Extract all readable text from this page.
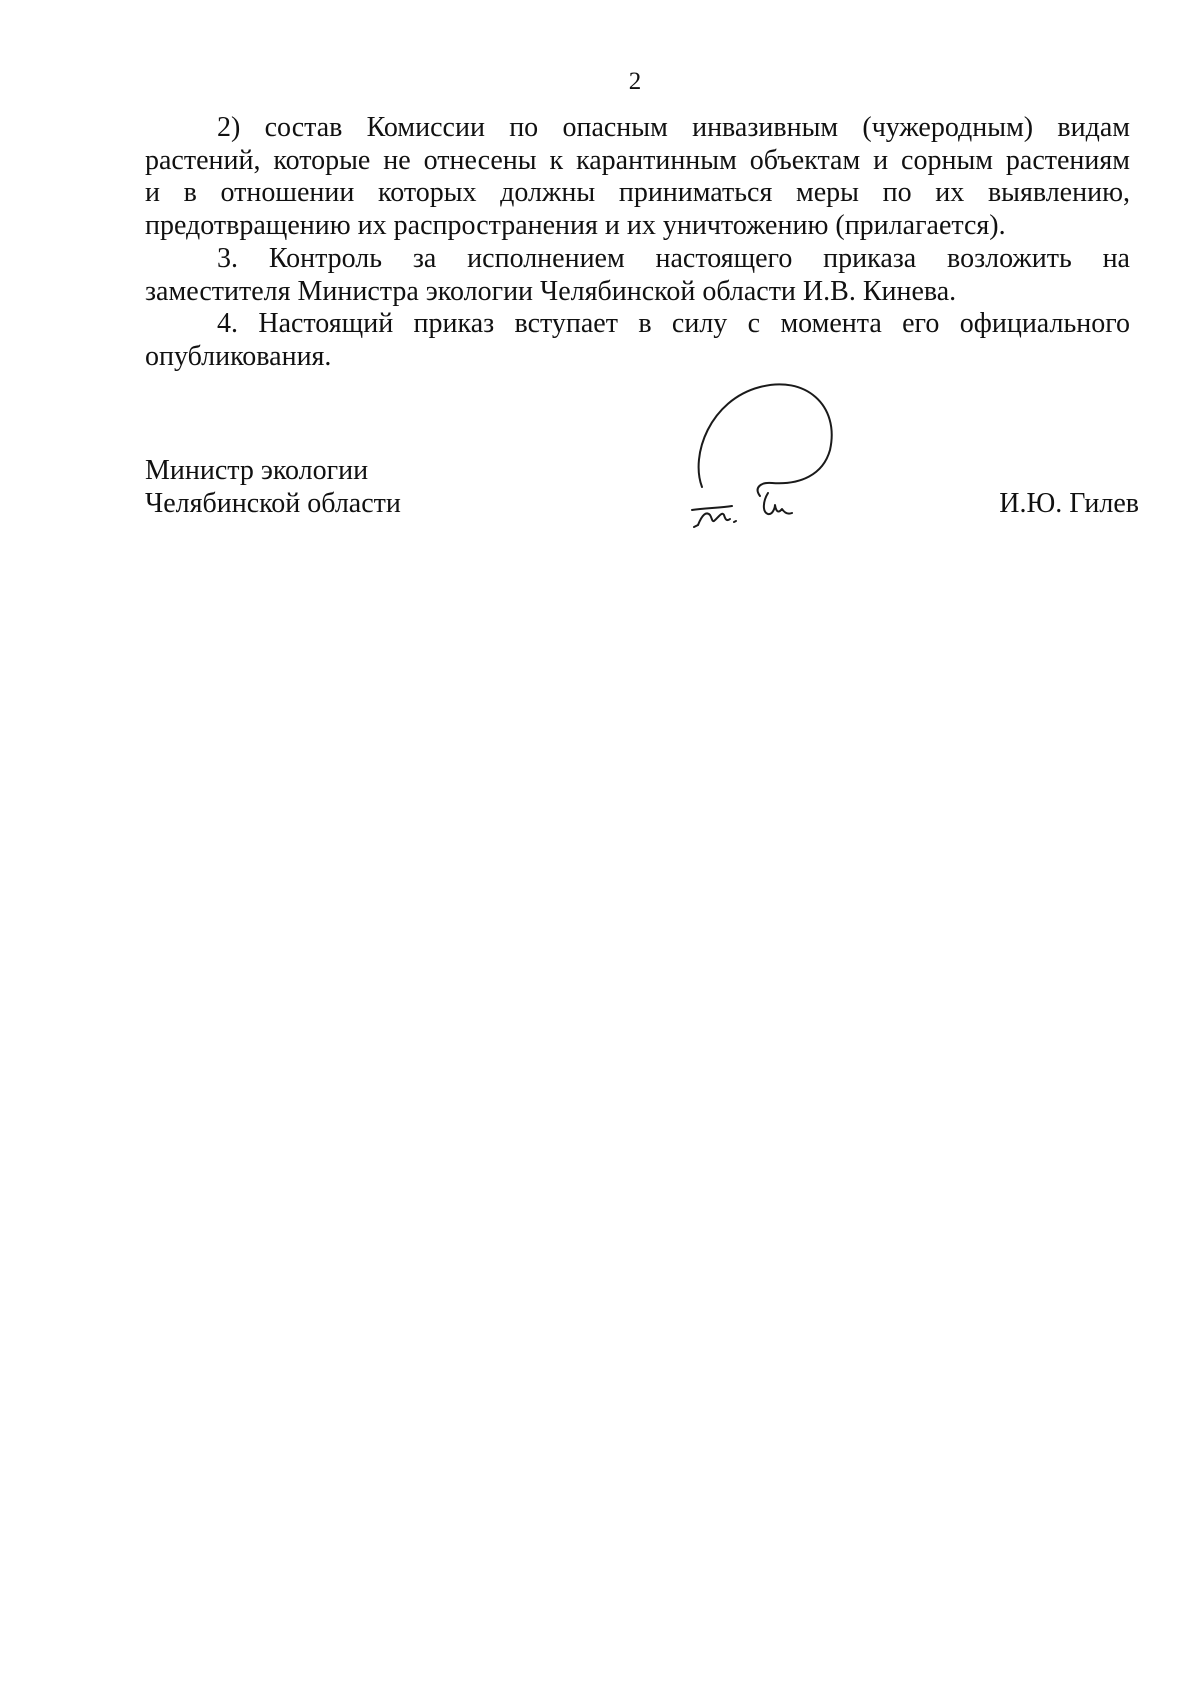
2
2) состав Комиссии по опасным инвазивным (чужеродным) видам
растений, которые не отнесены к карантинным объектам и сорным растениям
и в отношении которых должны приниматься меры по их выявлению,
предотвращению их распространения и их уничтожению (прилагается).
3. Контроль за исполнением настоящего приказа возложить на
заместителя Министра экологии Челябинской области И.В. Кинева.
4. Настоящий приказ вступает в силу с момента его официального
опубликования.
Министр экологии
Челябинской области	И.Ю. Гилев
